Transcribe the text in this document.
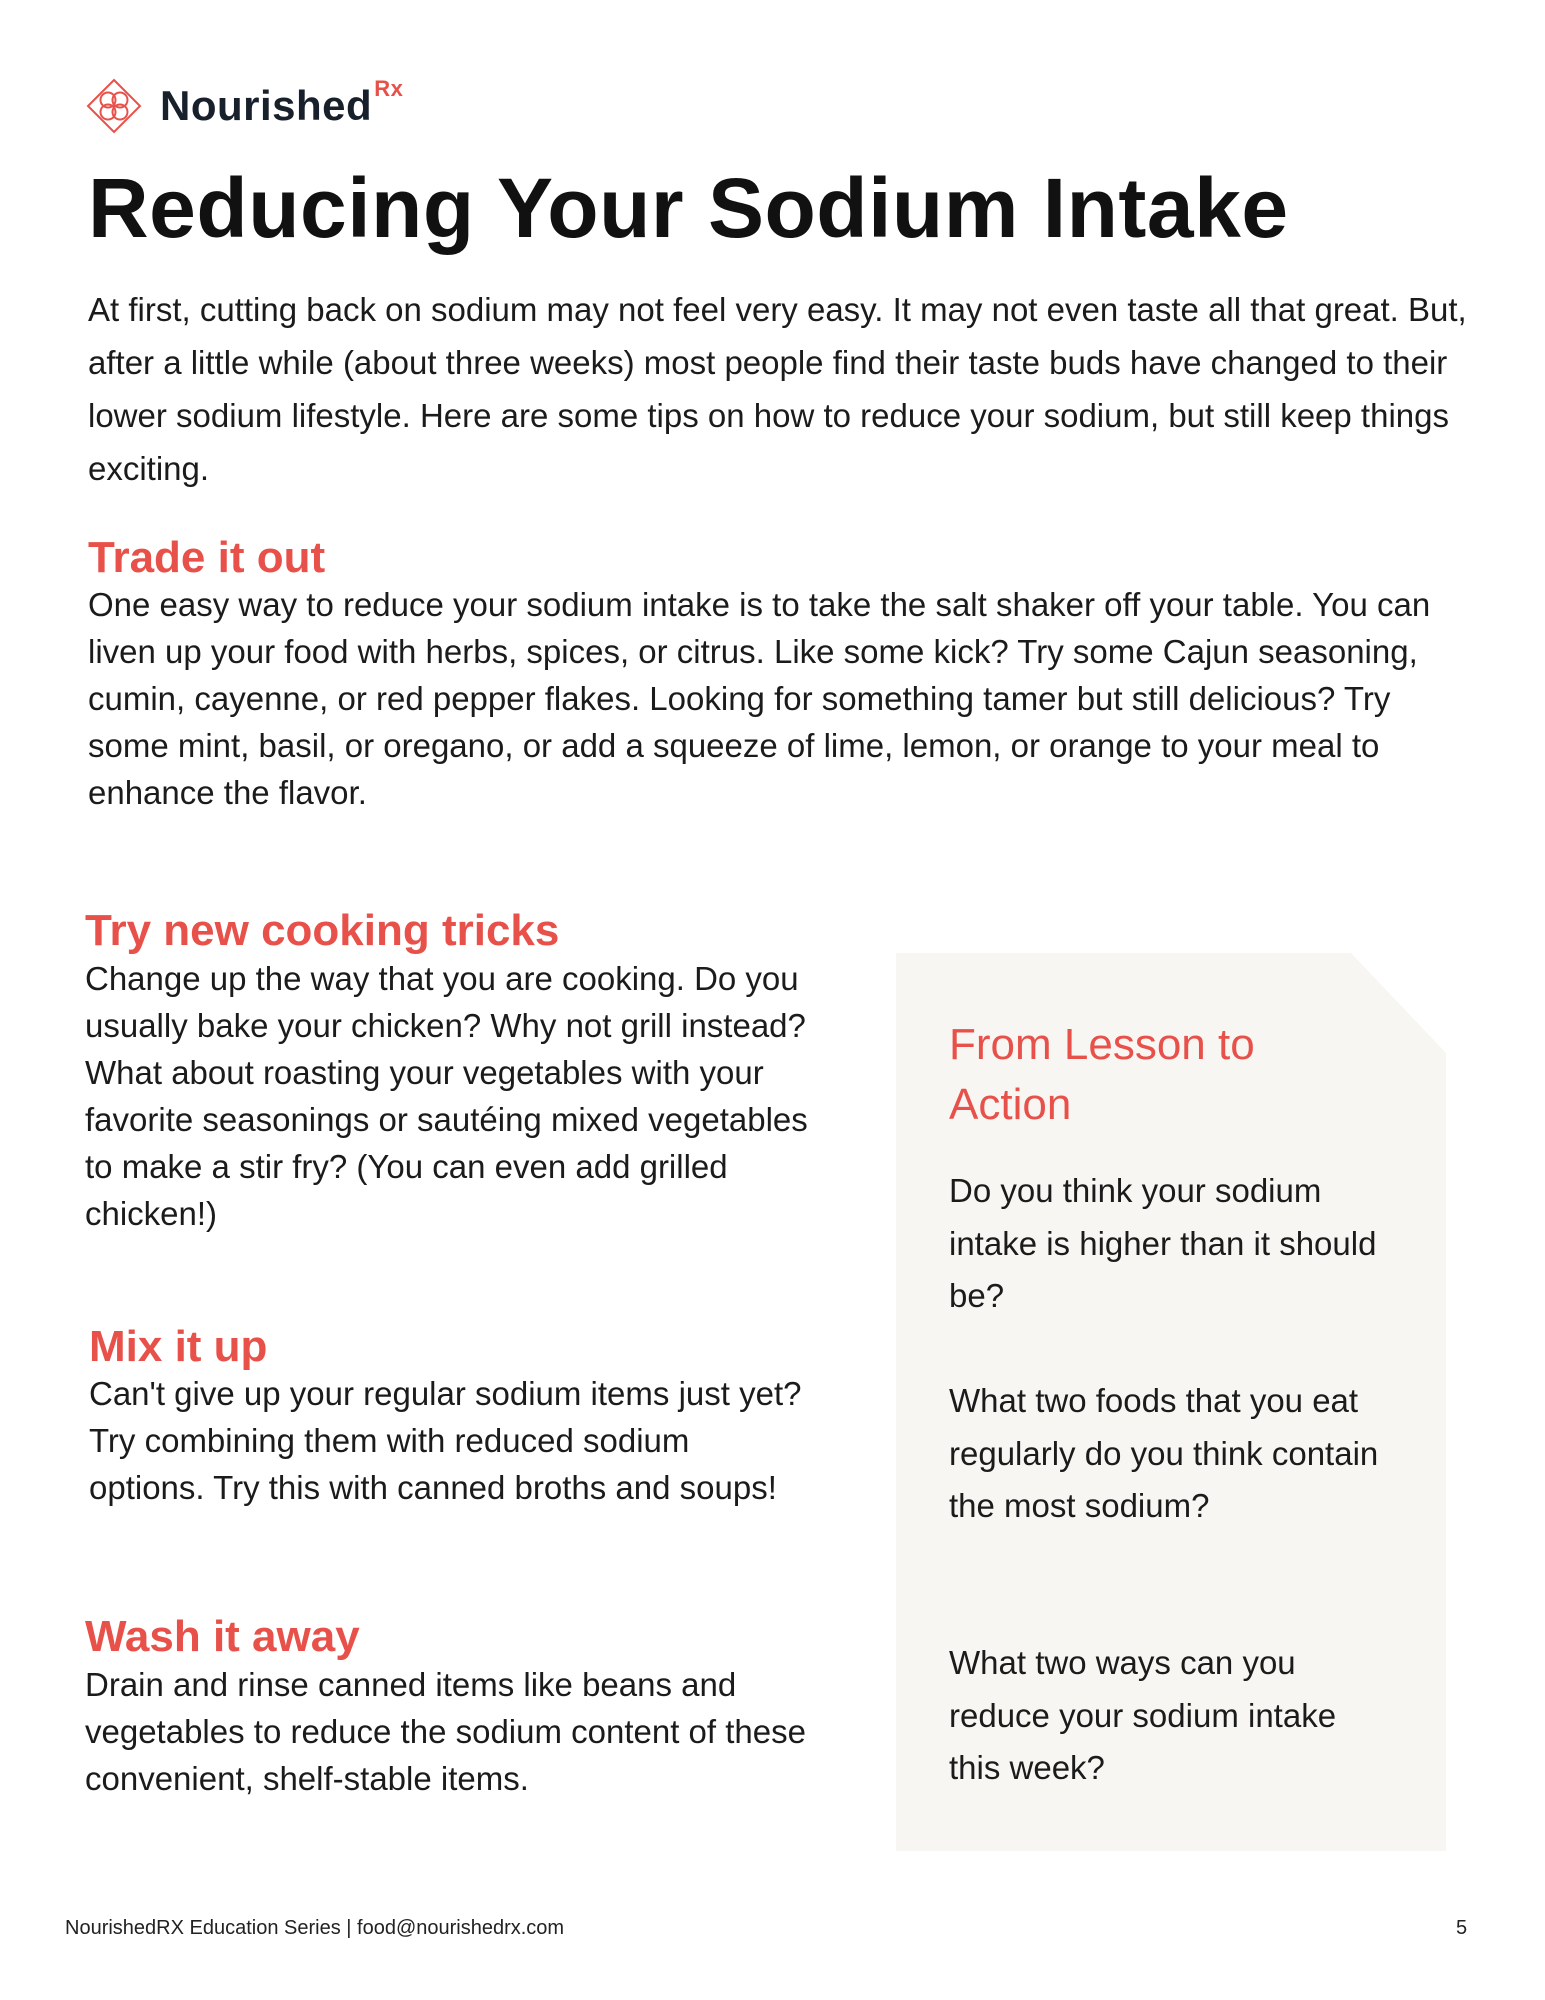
Nourished$^{Rx}$
Reducing Your Sodium Intake
At first, cutting back on sodium may not feel very easy. It may not even taste all that great. But, after a little while (about three weeks) most people find their taste buds have changed to their lower sodium lifestyle. Here are some tips on how to reduce your sodium, but still keep things exciting.
Trade it out
One easy way to reduce your sodium intake is to take the salt shaker off your table. You can liven up your food with herbs, spices, or citrus. Like some kick? Try some Cajun seasoning, cumin, cayenne, or red pepper flakes. Looking for something tamer but still delicious? Try some mint, basil, or oregano, or add a squeeze of lime, lemon, or orange to your meal to enhance the flavor.
Try new cooking tricks
Change up the way that you are cooking. Do you usually bake your chicken? Why not grill instead? What about roasting your vegetables with your favorite seasonings or sautéing mixed vegetables to make a stir fry? (You can even add grilled chicken!)
Mix it up
Can't give up your regular sodium items just yet? Try combining them with reduced sodium options. Try this with canned broths and soups!
Wash it away
Drain and rinse canned items like beans and vegetables to reduce the sodium content of these convenient, shelf-stable items.
From Lesson to Action
Do you think your sodium intake is higher than it should be?
What two foods that you eat regularly do you think contain the most sodium?
What two ways can you reduce your sodium intake this week?
NourishedRX Education Series | food@nourishedrx.com	5
